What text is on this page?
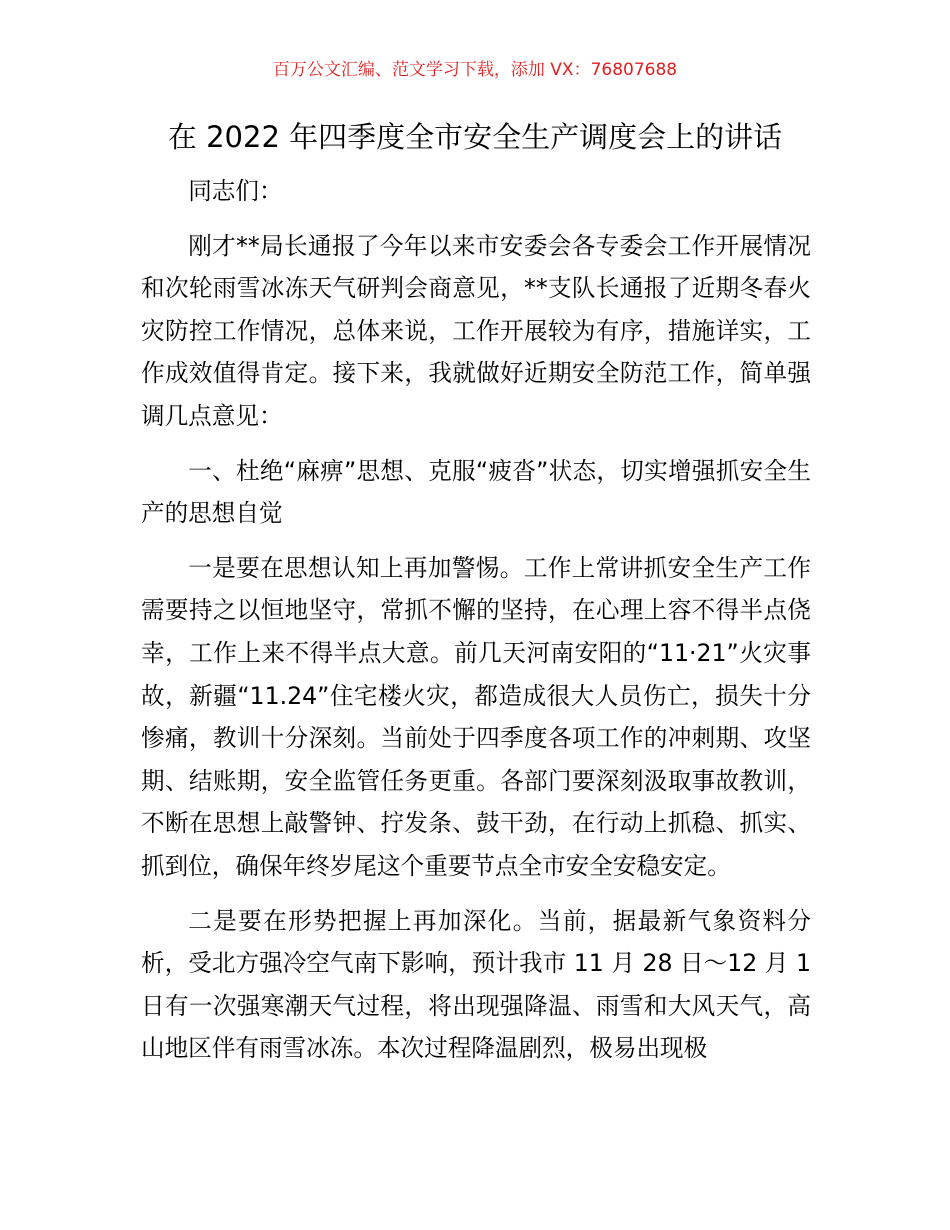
百万公文汇编、范文学习下载，添加 VX：76807688
在 2022 年四季度全市安全生产调度会上的讲话

同志们：

刚才**局长通报了今年以来市安委会各专委会工作开展情况和次轮雨雪冰冻天气研判会商意见，**支队长通报了近期冬春火灾防控工作情况，总体来说，工作开展较为有序，措施详实，工作成效值得肯定。接下来，我就做好近期安全防范工作，简单强调几点意见：

一、杜绝“麻痹”思想、克服“疲沓”状态，切实增强抓安全生产的思想自觉

一是要在思想认知上再加警惕。工作上常讲抓安全生产工作需要持之以恒地坚守，常抓不懈的坚持，在心理上容不得半点侥幸，工作上来不得半点大意。前几天河南安阳的“11·21”火灾事故，新疆“11.24”住宅楼火灾，都造成很大人员伤亡，损失十分惨痛，教训十分深刻。当前处于四季度各项工作的冲刺期、攻坚期、结账期，安全监管任务更重。各部门要深刻汲取事故教训，不断在思想上敲警钟、拧发条、鼓干劲，在行动上抓稳、抓实、抓到位，确保年终岁尾这个重要节点全市安全安稳安定。

二是要在形势把握上再加深化。当前，据最新气象资料分析，受北方强冷空气南下影响，预计我市 11 月 28 日～12 月 1 日有一次强寒潮天气过程，将出现强降温、雨雪和大风天气，高山地区伴有雨雪冰冻。本次过程降温剧烈，极易出现极
